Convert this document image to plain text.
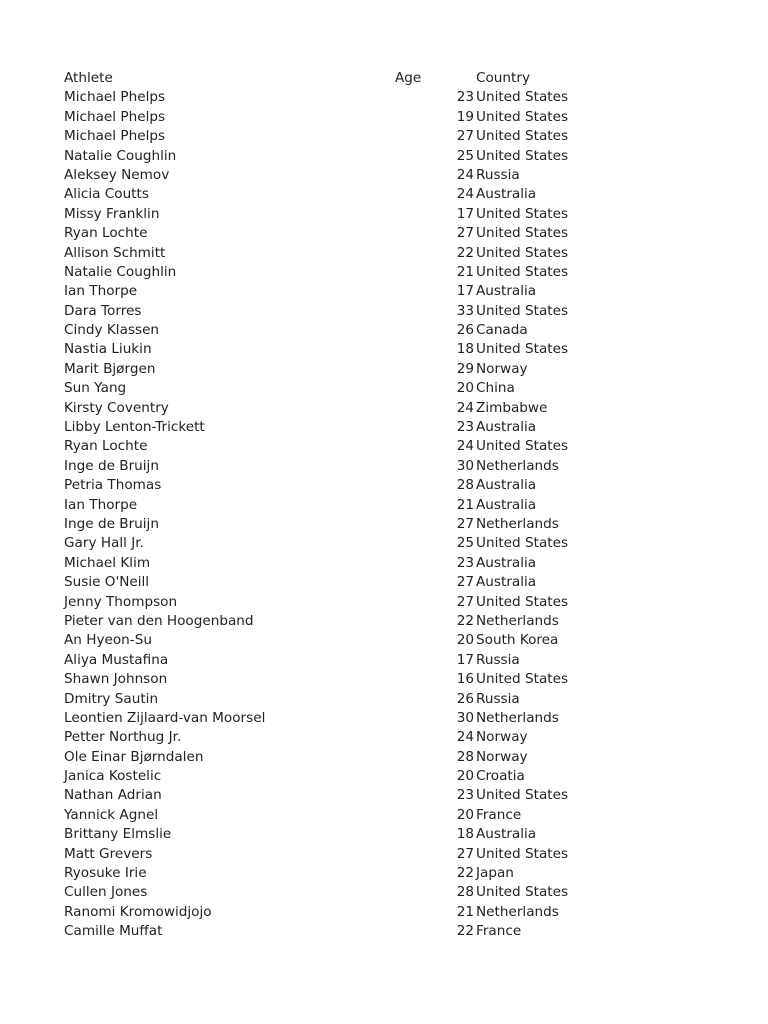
Athlete	Age	Country
Michael Phelps	23 United States
Michael Phelps	19 United States
Michael Phelps	27 United States
Natalie Coughlin	25 United States
Aleksey Nemov	24 Russia
Alicia Coutts	24 Australia
Missy Franklin	17 United States
Ryan Lochte	27 United States
Allison Schmitt	22 United States
Natalie Coughlin	21 United States
Ian Thorpe	17 Australia
Dara Torres	33 United States
Cindy Klassen	26 Canada
Nastia Liukin	18 United States
Marit Bjørgen	29 Norway
Sun Yang	20 China
Kirsty Coventry	24 Zimbabwe
Libby Lenton-Trickett	23 Australia
Ryan Lochte	24 United States
Inge de Bruijn	30 Netherlands
Petria Thomas	28 Australia
Ian Thorpe	21 Australia
Inge de Bruijn	27 Netherlands
Gary Hall Jr.	25 United States
Michael Klim	23 Australia
Susie O'Neill	27 Australia
Jenny Thompson	27 United States
Pieter van den Hoogenband	22 Netherlands
An Hyeon-Su	20 South Korea
Aliya Mustafina	17 Russia
Shawn Johnson	16 United States
Dmitry Sautin	26 Russia
Leontien Zijlaard-van Moorsel	30 Netherlands
Petter Northug Jr.	24 Norway
Ole Einar Bjørndalen	28 Norway
Janica Kostelic	20 Croatia
Nathan Adrian	23 United States
Yannick Agnel	20 France
Brittany Elmslie	18 Australia
Matt Grevers	27 United States
Ryosuke Irie	22 Japan
Cullen Jones	28 United States
Ranomi Kromowidjojo	21 Netherlands
Camille Muffat	22 France
